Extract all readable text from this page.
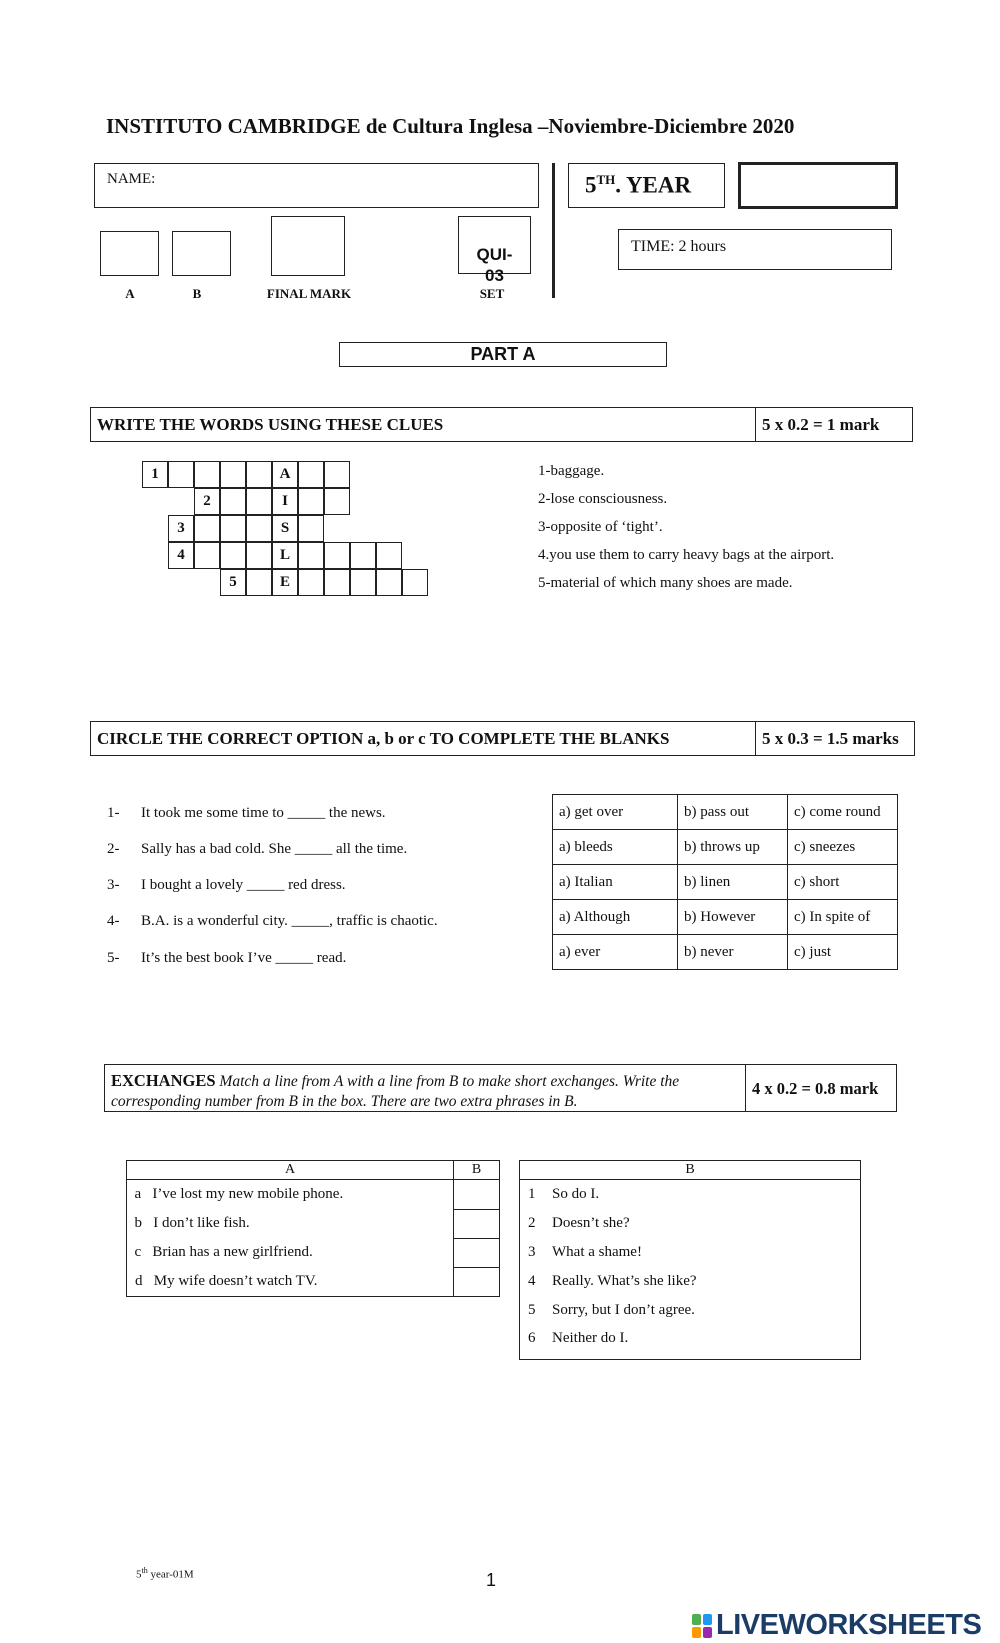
INSTITUTO CAMBRIDGE de Cultura Inglesa –Noviembre-Diciembre 2020
NAME:	5TH. YEAR

QUI-
03

TIME: 2 hours
A	B	FINAL MARK	SET
PART A
WRITE THE WORDS USING THESE CLUES	5 x 0.2 = 1 mark
1	A
2	I
3	S
4	L
5	E
1-baggage.
2-lose consciousness.
3-opposite of ‘tight’.
4.you use them to carry heavy bags at the airport.
5-material of which many shoes are made.
CIRCLE THE CORRECT OPTION a, b or c TO COMPLETE THE BLANKS	5 x 0.3 = 1.5 marks
1- It took me some time to _____ the news.
2- Sally has a bad cold. She _____ all the time.
3- I bought a lovely _____ red dress.
4- B.A. is a wonderful city. _____, traffic is chaotic.
5- It’s the best book I’ve _____ read.
a) get over	b) pass out	c) come round
a) bleeds	b) throws up	c) sneezes
a) Italian	b) linen	c) short
a) Although	b) However	c) In spite of
a) ever	b) never	c) just
EXCHANGES Match a line from A with a line from B to make short exchanges. Write the corresponding number from B in the box. There are two extra phrases in B.
4 x 0.2 = 0.8 mark
A	B
a I’ve lost my new mobile phone.	
b I don’t like fish.	
c Brian has a new girlfriend.	
d My wife doesn’t watch TV.	
B
1 So do I.
2 Doesn’t she?
3 What a shame!
4 Really. What’s she like?
5 Sorry, but I don’t agree.
6 Neither do I.
5th year-01M	1
LIVEWORKSHEETS
